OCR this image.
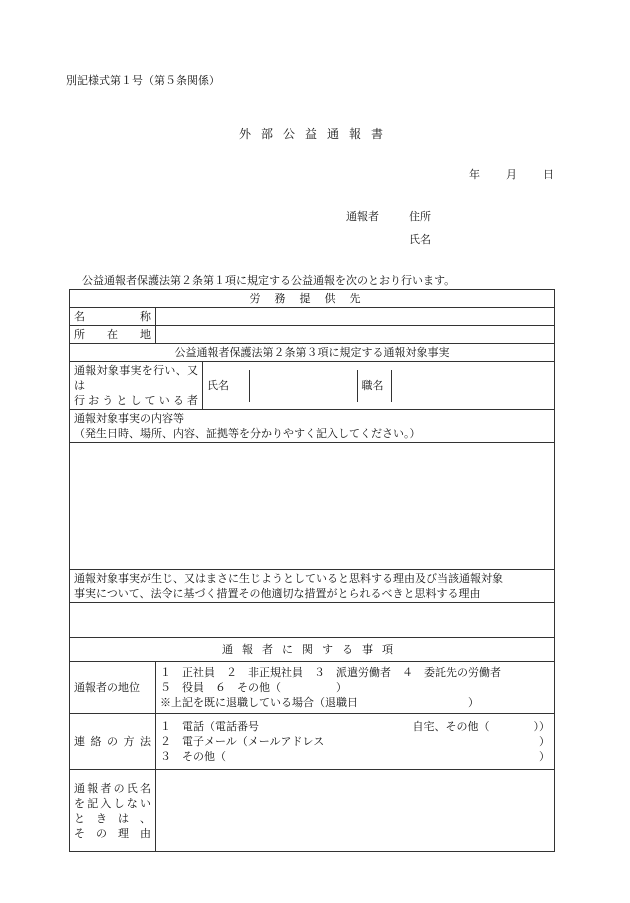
別記様式第１号（第５条関係）
外部公益通報書
年 月 日
通報者	住所
氏名
公益通報者保護法第２条第１項に規定する公益通報を次のとおり行います。
労務提供先

名称

所在地

公益通報者保護法第２条第３項に規定する通報対象事実

通報対象事実を行い、又は
行おうとしている者

氏名		職名	

通報対象事実の内容等
（発生日時、場所、内容、証拠等を分かりやすく記入してください。）

通報対象事実が生じ、又はまさに生じようとしていると思料する理由及び当該通報対象
事実について、法令に基づく措置その他適切な措置がとられるべきと思料する理由

通報者に関する事項
通報者の地位	
１　正社員　２　非正規社員　３　派遣労働者　４　委託先の労働者
５　役員　６　その他（　　　　　）
※上記を既に退職している場合（退職日　　　　　　　　　　）

連絡の方法

１　電話（電話番号	自宅、その他（　　　　））
２　電子メール（メールアドレス	）
３　その他（	）

通報者の氏名
を記入しない
ときは、
その理由
